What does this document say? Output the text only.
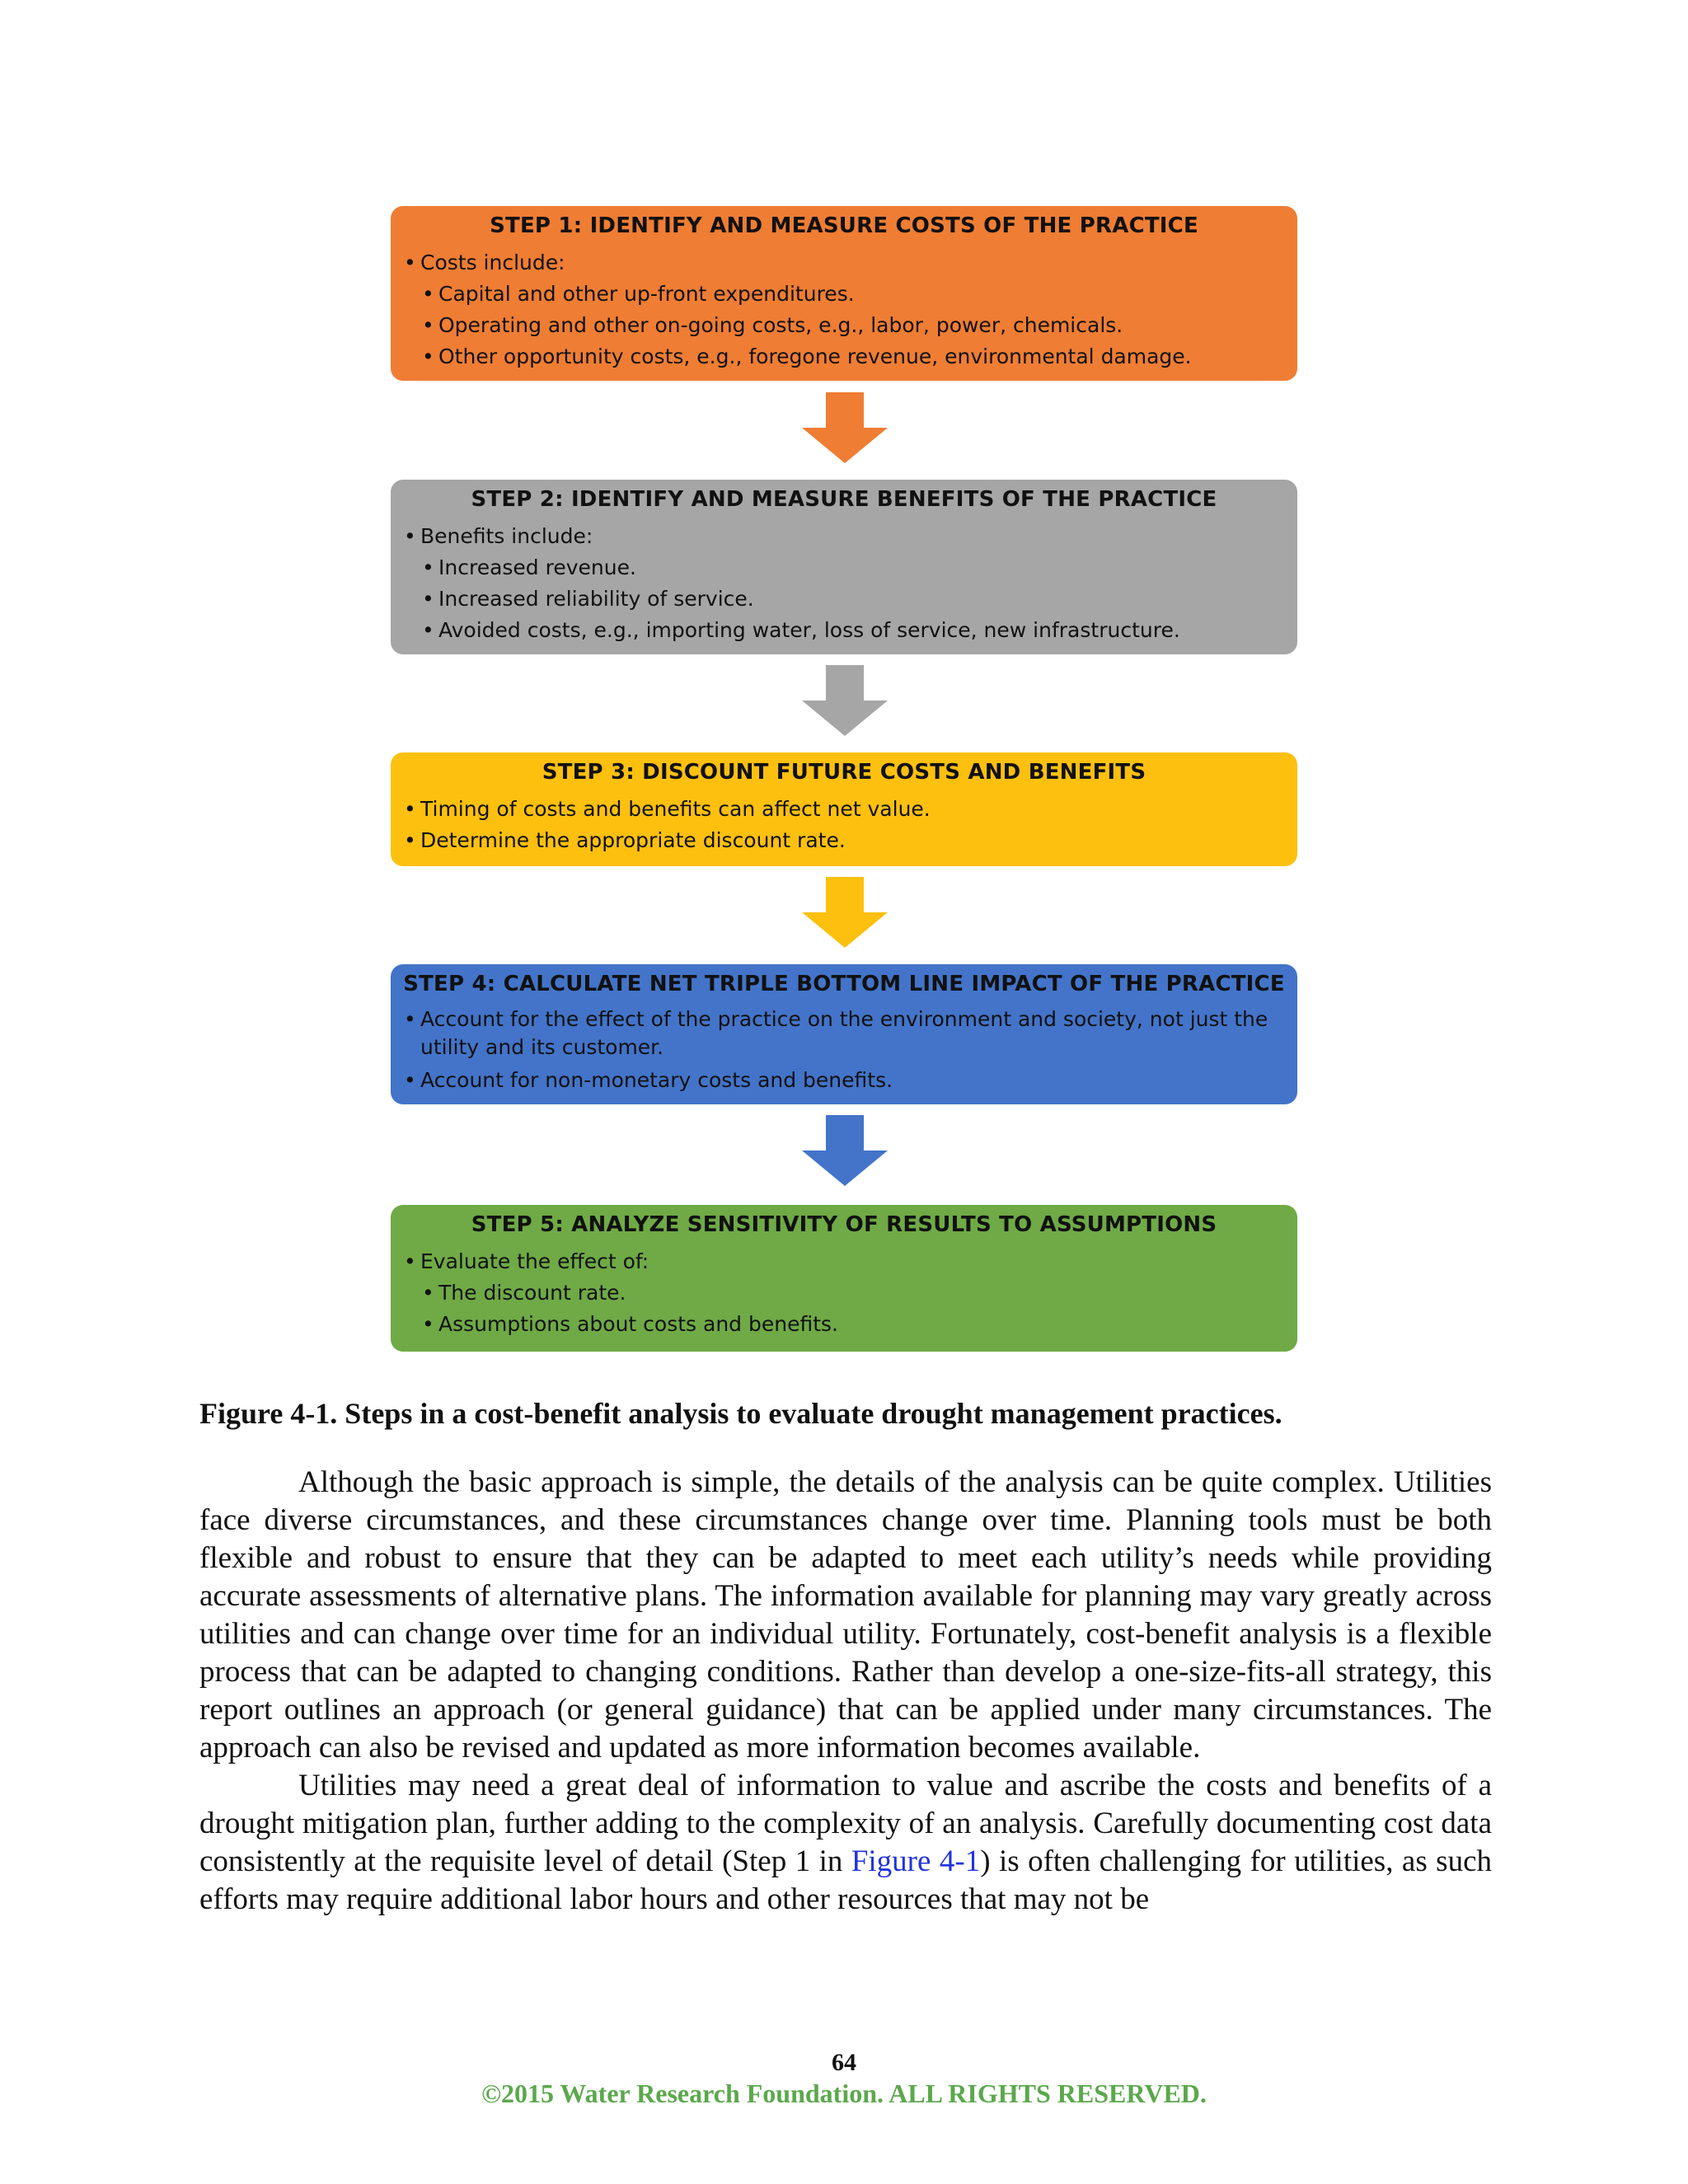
STEP 1: IDENTIFY AND MEASURE COSTS OF THE PRACTICE
• Costs include:
• Capital and other up-front expenditures.
• Operating and other on-going costs, e.g., labor, power, chemicals.
• Other opportunity costs, e.g., foregone revenue, environmental damage.
STEP 2: IDENTIFY AND MEASURE BENEFITS OF THE PRACTICE
• Benefits include:
• Increased revenue.
• Increased reliability of service.
• Avoided costs, e.g., importing water, loss of service, new infrastructure.
STEP 3: DISCOUNT FUTURE COSTS AND BENEFITS
• Timing of costs and benefits can affect net value.
• Determine the appropriate discount rate.
STEP 4: CALCULATE NET TRIPLE BOTTOM LINE IMPACT OF THE PRACTICE
• Account for the effect of the practice on the environment and society, not just the utility and its customer.
• Account for non-monetary costs and benefits.
STEP 5: ANALYZE SENSITIVITY OF RESULTS TO ASSUMPTIONS
• Evaluate the effect of:
• The discount rate.
• Assumptions about costs and benefits.
Figure 4-1. Steps in a cost-benefit analysis to evaluate drought management practices.

Although the basic approach is simple, the details of the analysis can be quite complex. Utilities face diverse circumstances, and these circumstances change over time. Planning tools must be both flexible and robust to ensure that they can be adapted to meet each utility’s needs while providing accurate assessments of alternative plans. The information available for planning may vary greatly across utilities and can change over time for an individual utility. Fortunately, cost-benefit analysis is a flexible process that can be adapted to changing conditions. Rather than develop a one-size-fits-all strategy, this report outlines an approach (or general guidance) that can be applied under many circumstances. The approach can also be revised and updated as more information becomes available.

Utilities may need a great deal of information to value and ascribe the costs and benefits of a drought mitigation plan, further adding to the complexity of an analysis. Carefully documenting cost data consistently at the requisite level of detail (Step 1 in Figure 4-1) is often challenging for utilities, as such efforts may require additional labor hours and other resources that may not be

64
©2015 Water Research Foundation. ALL RIGHTS RESERVED.
